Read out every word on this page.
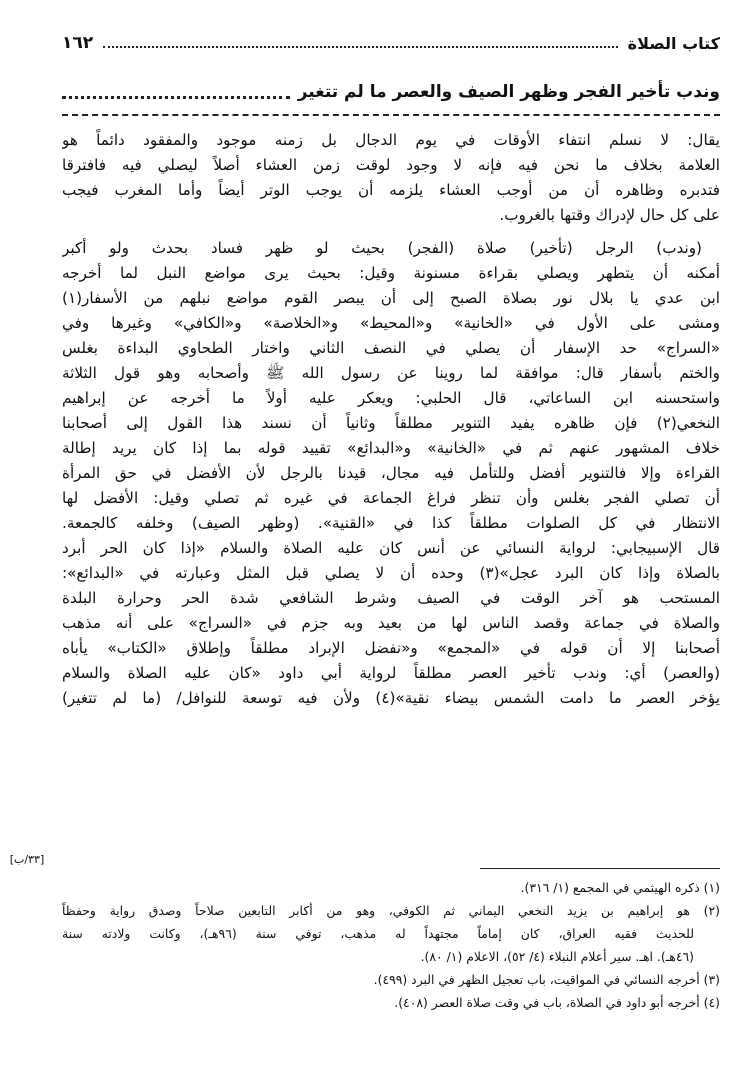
كتاب الصلاة
١٦٢
وندب تأخير الفجر وظهر الصيف والعصر ما لم تتغير
يقال: لا نسلم انتفاء الأوقات في يوم الدجال بل زمنه موجود والمفقود دائماً هو
العلامة بخلاف ما نحن فيه فإنه لا وجود لوقت زمن العشاء أصلاً ليصلي فيه فافترقا
فتدبره وظاهره أن من أوجب العشاء يلزمه أن يوجب الوتر أيضاً وأما المغرب فيجب
على كل حال لإدراك وقتها بالغروب.
(وندب) الرجل (تأخير) صلاة (الفجر) بحيث لو ظهر فساد بحدث ولو أكبر
أمكنه أن يتطهر ويصلي بقراءة مسنونة وقيل: بحيث يرى مواضع النبل لما أخرجه
ابن عدي يا بلال نور بصلاة الصبح إلى أن يبصر القوم مواضع نبلهم من الأسفار(١)
ومشى على الأول في «الخانية» و«المحيط» و«الخلاصة» و«الكافي» وغيرها وفي
«السراج» حد الإسفار أن يصلي في النصف الثاني واختار الطحاوي البداءة بغلس
والختم بأسفار قال: موافقة لما روينا عن رسول الله ﷺ وأصحابه وهو قول الثلاثة
واستحسنه ابن الساعاتي، قال الحلبي: ويعكر عليه أولاً ما أخرجه عن إبراهيم
النخعي(٢) فإن ظاهره يفيد التنوير مطلقاً وثانياً أن نسند هذا القول إلى أصحابنا
خلاف المشهور عنهم ثم في «الخانية» و«البدائع» تقييد قوله بما إذا كان يريد إطالة
القراءة وإلا فالتنوير أفضل وللتأمل فيه مجال، قيدنا بالرجل لأن الأفضل في حق المرأة
أن تصلي الفجر بغلس وأن تنظر فراغ الجماعة في غيره ثم تصلي وقيل: الأفضل لها
الانتظار في كل الصلوات مطلقاً كذا في «القنية». (وظهر الصيف) وخلفه كالجمعة.
قال الإسبيجابي: لرواية النسائي عن أنس كان عليه الصلاة والسلام «إذا كان الحر أبرد
بالصلاة وإذا كان البرد عجل»(٣) وحده أن لا يصلي قبل المثل وعبارته في «البدائع»:
المستحب هو آخر الوقت في الصيف وشرط الشافعي شدة الحر وحرارة البلدة
والصلاة في جماعة وقصد الناس لها من بعيد وبه جزم في «السراج» على أنه مذهب
أصحابنا إلا أن قوله في «المجمع» و«نفضل الإبراد مطلقاً وإطلاق «الكتاب» يأباه
(والعصر) أي: وندب تأخير العصر مطلقاً لرواية أبي داود «كان عليه الصلاة والسلام
يؤخر العصر ما دامت الشمس بيضاء نقية»(٤) ولأن فيه توسعة للنوافل/ (ما لم تتغير)
[٣٣/ب]
(١) ذكره الهيثمي في المجمع (١/ ٣١٦).
(٢) هو إبراهيم بن يزيد النخعي اليماني ثم الكوفي، وهو من أكابر التابعين صلاحاً وصدق رواية وحفظاً
للحديث فقيه العراق، كان إماماً مجتهداً له مذهب، توفي سنة (٩٦هـ)، وكانت ولادته سنة
(٤٦هـ). اهـ. سير أعلام النبلاء (٤/ ٥٢)، الاعلام (١/ ٨٠).
(٣) أخرجه النسائي في المواقيت، باب تعجيل الظهر في البرد (٤٩٩).
(٤) أخرجه أبو داود في الصلاة، باب في وقت صلاة العصر (٤٠٨).
